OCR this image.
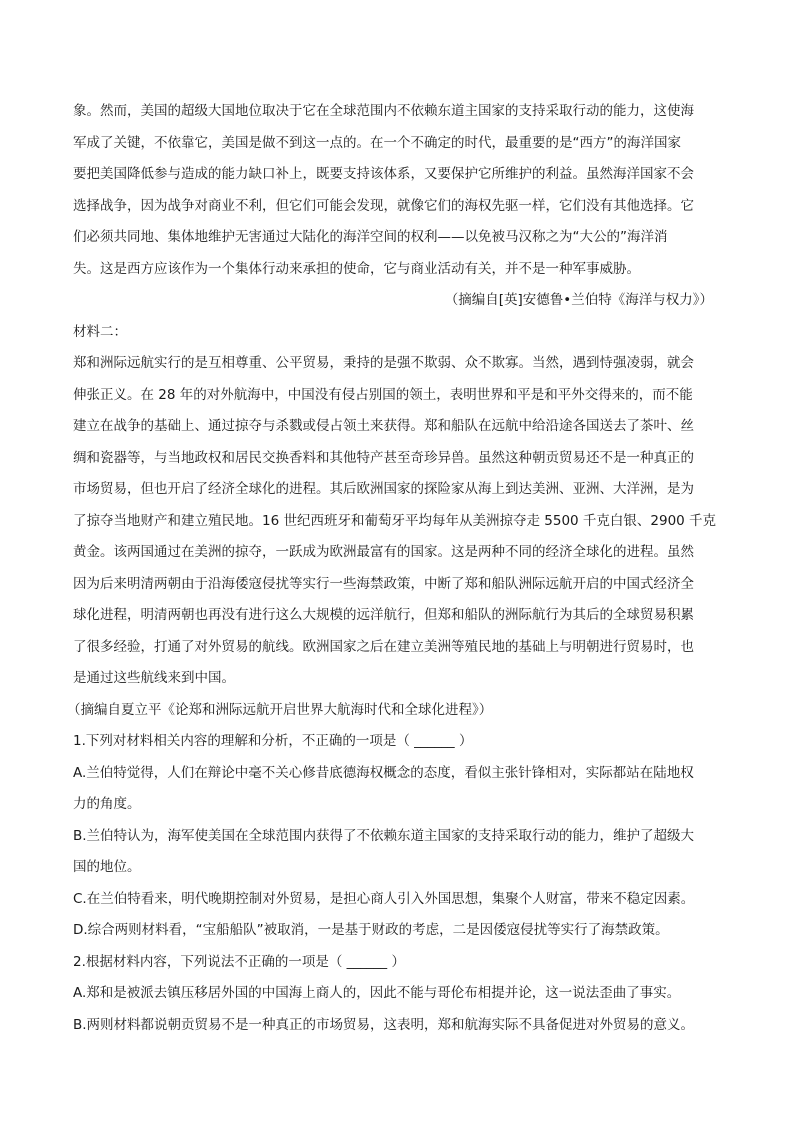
象。然而，美国的超级大国地位取决于它在全球范围内不依赖东道主国家的支持采取行动的能力，这使海
军成了关键，不依靠它，美国是做不到这一点的。在一个不确定的时代，最重要的是“西方”的海洋国家
要把美国降低参与造成的能力缺口补上，既要支持该体系，又要保护它所维护的利益。虽然海洋国家不会
选择战争，因为战争对商业不利，但它们可能会发现，就像它们的海权先驱一样，它们没有其他选择。它
们必须共同地、集体地维护无害通过大陆化的海洋空间的权利——以免被马汉称之为“大公的”海洋消
失。这是西方应该作为一个集体行动来承担的使命，它与商业活动有关，并不是一种军事威胁。

（摘编自[英]安德鲁•兰伯特《海洋与权力》）

材料二：

郑和洲际远航实行的是互相尊重、公平贸易，秉持的是强不欺弱、众不欺寡。当然，遇到恃强凌弱，就会
伸张正义。在 28 年的对外航海中，中国没有侵占别国的领土，表明世界和平是和平外交得来的，而不能
建立在战争的基础上、通过掠夺与杀戮或侵占领土来获得。郑和船队在远航中给沿途各国送去了茶叶、丝
绸和瓷器等，与当地政权和居民交换香料和其他特产甚至奇珍异兽。虽然这种朝贡贸易还不是一种真正的
市场贸易，但也开启了经济全球化的进程。其后欧洲国家的探险家从海上到达美洲、亚洲、大洋洲，是为
了掠夺当地财产和建立殖民地。16 世纪西班牙和葡萄牙平均每年从美洲掠夺走 5500 千克白银、2900 千克
黄金。该两国通过在美洲的掠夺，一跃成为欧洲最富有的国家。这是两种不同的经济全球化的进程。虽然
因为后来明清两朝由于沿海倭寇侵扰等实行一些海禁政策，中断了郑和船队洲际远航开启的中国式经济全
球化进程，明清两朝也再没有进行这么大规模的远洋航行，但郑和船队的洲际航行为其后的全球贸易积累
了很多经验，打通了对外贸易的航线。欧洲国家之后在建立美洲等殖民地的基础上与明朝进行贸易时，也
是通过这些航线来到中国。

（摘编自夏立平《论郑和洲际远航开启世界大航海时代和全球化进程》）

1.下列对材料相关内容的理解和分析，不正确的一项是（ ______ ）
A.兰伯特觉得，人们在辩论中毫不关心修昔底德海权概念的态度，看似主张针锋相对，实际都站在陆地权
力的角度。
B.兰伯特认为，海军使美国在全球范围内获得了不依赖东道主国家的支持采取行动的能力，维护了超级大
国的地位。
C.在兰伯特看来，明代晚期控制对外贸易，是担心商人引入外国思想，集聚个人财富，带来不稳定因素。
D.综合两则材料看，“宝船船队”被取消，一是基于财政的考虑，二是因倭寇侵扰等实行了海禁政策。
2.根据材料内容，下列说法不正确的一项是（ ______ ）
A.郑和是被派去镇压移居外国的中国海上商人的，因此不能与哥伦布相提并论，这一说法歪曲了事实。
B.两则材料都说朝贡贸易不是一种真正的市场贸易，这表明，郑和航海实际不具备促进对外贸易的意义。
